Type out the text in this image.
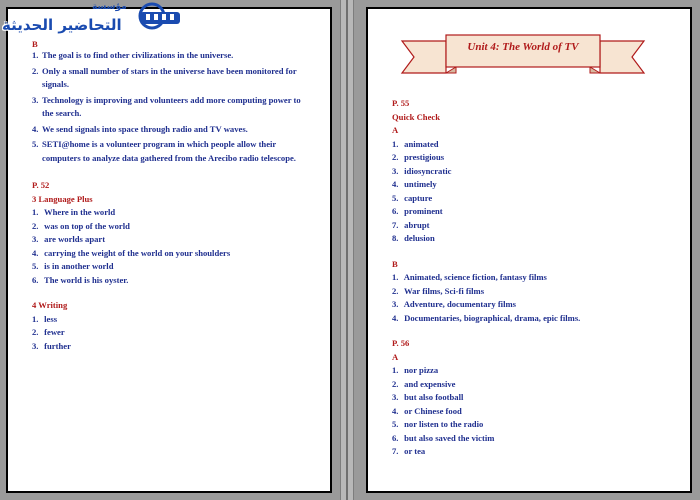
B
1. The goal is to find other civilizations in the universe.
2. Only a small number of stars in the universe have been monitored for signals.
3. Technology is improving and volunteers add more computing power to the search.
4. We send signals into space through radio and TV waves.
5. SETI@home is a volunteer program in which people allow their computers to analyze data gathered from the Arecibo radio telescope.
P. 52
3 Language Plus
1. Where in the world
2. was on top of the world
3. are worlds apart
4. carrying the weight of the world on your shoulders
5. is in another world
6. The world is his oyster.
4 Writing
1. less
2. fewer
3. further
مؤسسة
التحاضير الحديثة
Unit 4: The World of TV
P. 55
Quick Check
A
1. animated
2. prestigious
3. idiosyncratic
4. untimely
5. capture
6. prominent
7. abrupt
8. delusion
B
1. Animated, science fiction, fantasy films
2. War films, Sci-fi films
3. Adventure, documentary films
4. Documentaries, biographical, drama, epic films.
P. 56
A
1. nor pizza
2. and expensive
3. but also football
4. or Chinese food
5. nor listen to the radio
6. but also saved the victim
7. or tea
